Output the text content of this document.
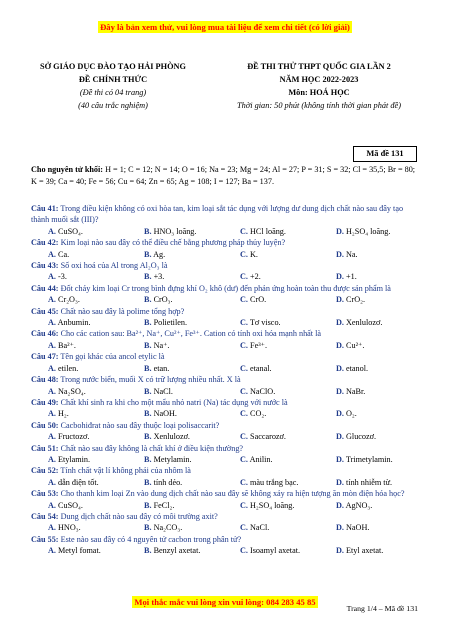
Đây là bản xem thử, vui lòng mua tài liệu để xem chi tiết (có lời giải)
SỞ GIÁO DỤC ĐÀO TẠO HẢI PHÒNG
ĐỀ CHÍNH THỨC
(Đề thi có 04 trang)
(40 câu trắc nghiệm)
ĐỀ THI THỬ THPT QUỐC GIA LẦN 2
NĂM HỌC 2022-2023
Môn: HOÁ HỌC
Thời gian: 50 phút (không tính thời gian phát đề)
Mã đề 131
Cho nguyên tử khối: H = 1; C = 12; N = 14; O = 16; Na = 23; Mg = 24; Al = 27; P = 31; S = 32; Cl = 35,5; Br = 80; K = 39; Ca = 40; Fe = 56; Cu = 64; Zn = 65; Ag = 108; I = 127; Ba = 137.

Câu 41: Trong điều kiện không có oxi hòa tan, kim loại sắt tác dụng với lượng dư dung dịch chất nào sau đây tạo thành muối sắt (III)?

A. CuSO₄.	B. HNO₃ loãng.	C. HCl loãng.	D. H₂SO₄ loãng.

Câu 42: Kim loại nào sau đây có thể điều chế bằng phương pháp thủy luyện?

A. Ca.	B. Ag.	C. K.	D. Na.

Câu 43: Số oxi hoá của Al trong Al₂O₃ là

A. -3.	B. +3.	C. +2.	D. +1.

Câu 44: Đốt cháy kim loại Cr trong bình đựng khí O₂ khô (dư) đến phản ứng hoàn toàn thu được sản phẩm là

A. Cr₂O₃.	B. CrO₃.	C. CrO.	D. CrO₂.

Câu 45: Chất nào sau đây là polime tổng hợp?

A. Anbumin.	B. Polietilen.	C. Tơ visco.	D. Xenlulozơ.

Câu 46: Cho các cation sau: Ba²⁺, Na⁺, Cu²⁺, Fe³⁺. Cation có tính oxi hóa mạnh nhất là

A. Ba²⁺.	B. Na⁺.	C. Fe³⁺.	D. Cu²⁺.

Câu 47: Tên gọi khác của ancol etylic là

A. etilen.	B. etan.	C. etanal.	D. etanol.

Câu 48: Trong nước biển, muối X có trữ lượng nhiều nhất. X là

A. Na₂SO₄.	B. NaCl.	C. NaClO.	D. NaBr.

Câu 49: Chất khí sinh ra khi cho một mẩu nhỏ natri (Na) tác dụng với nước là

A. H₂.	B. NaOH.	C. CO₂.	D. O₂.

Câu 50: Cacbohiđrat nào sau đây thuộc loại polisaccarit?

A. Fructozơ.	B. Xenlulozơ.	C. Saccarozơ.	D. Glucozơ.

Câu 51: Chất nào sau đây không là chất khí ở điều kiện thường?

A. Etylamin.	B. Metylamin.	C. Anilin.	D. Trimetylamin.

Câu 52: Tính chất vật lí không phải của nhôm là

A. dẫn điện tốt.	B. tính dẻo.	C. màu trắng bạc.	D. tính nhiễm từ.

Câu 53: Cho thanh kim loại Zn vào dung dịch chất nào sau đây sẽ không xảy ra hiện tượng ăn mòn điện hóa học?

A. CuSO₄.	B. FeCl₂.	C. H₂SO₄ loãng.	D. AgNO₃.

Câu 54: Dung dịch chất nào sau đây có môi trường axit?

A. HNO₃.	B. Na₂CO₃.	C. NaCl.	D. NaOH.

Câu 55: Este nào sau đây có 4 nguyên tử cacbon trong phân tử?

A. Metyl fomat.	B. Benzyl axetat.	C. Isoamyl axetat.	D. Etyl axetat.
Mọi thắc mắc vui lòng xin vui lòng: 084 283 45 85
Trang 1/4 – Mã đề 131
